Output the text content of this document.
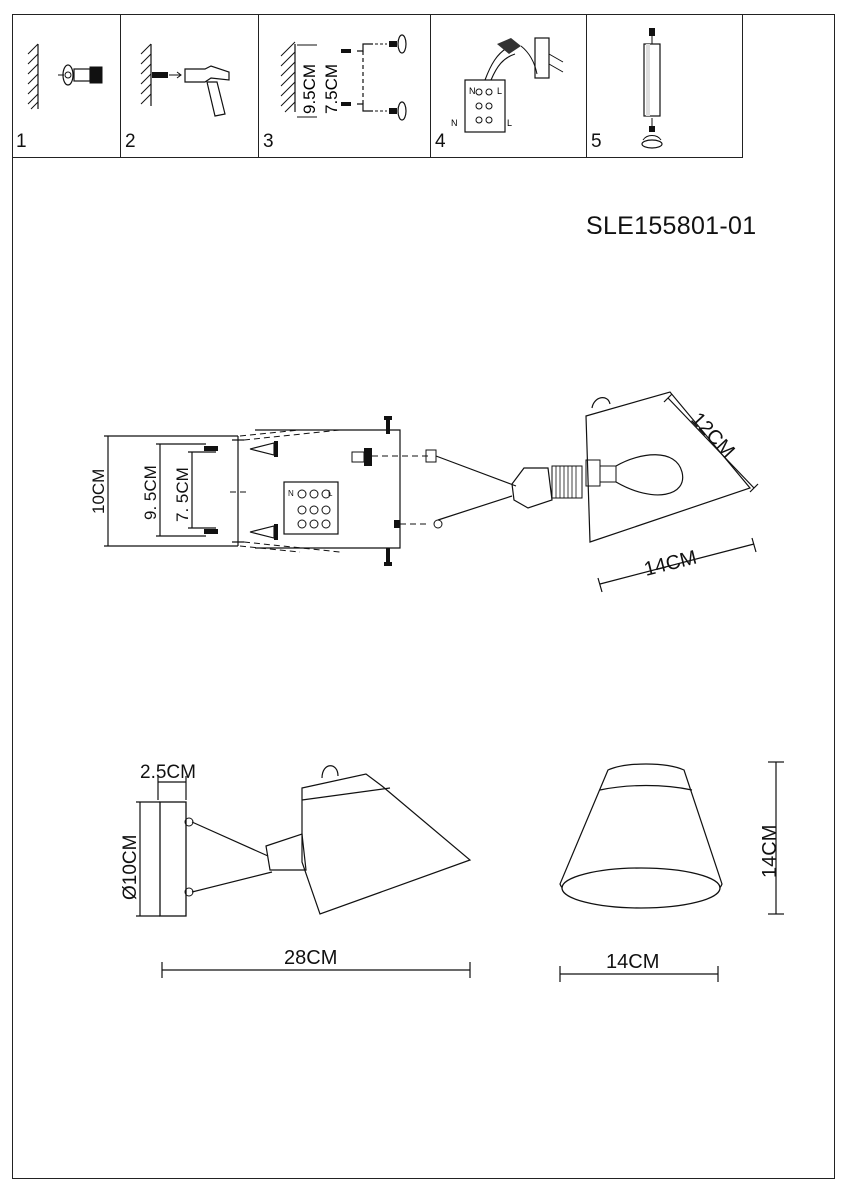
1	2
9.5CM 7.5CM
3
N L
N	L
4	5
SLE155801-01
10CM 9. 5CM 7. 5CM	N	L
12CM
14CM
2.5CM
Ø10CM
28CM
14CM
14CM
